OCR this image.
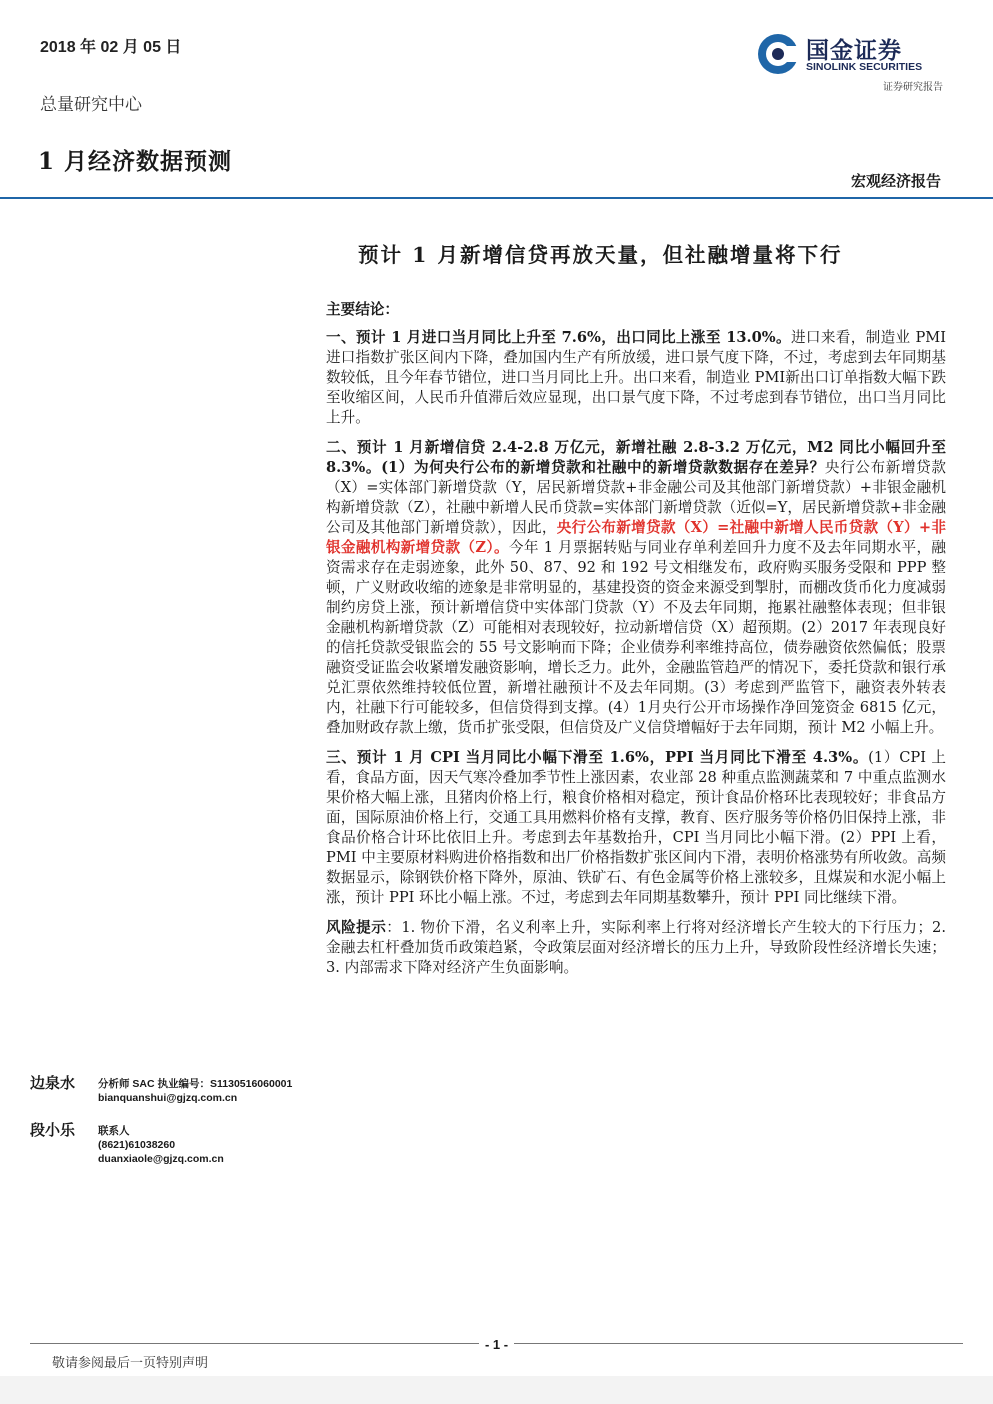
2018 年 02 月 05 日
总量研究中心
1 月经济数据预测
国金证券
SINOLINK SECURITIES
证券研究报告
宏观经济报告
预计 1 月新增信贷再放天量，但社融增量将下行

主要结论：

一、预计 1 月进口当月同比上升至 7.6%，出口同比上涨至 13.0%。进口来看，制造业 PMI 进口指数扩张区间内下降，叠加国内生产有所放缓，进口景气度下降，不过，考虑到去年同期基数较低，且今年春节错位，进口当月同比上升。出口来看，制造业 PMI新出口订单指数大幅下跌至收缩区间，人民币升值滞后效应显现，出口景气度下降，不过考虑到春节错位，出口当月同比上升。

二、预计 1 月新增信贷 2.4-2.8 万亿元，新增社融 2.8-3.2 万亿元，M2 同比小幅回升至 8.3%。(1）为何央行公布的新增贷款和社融中的新增贷款数据存在差异？央行公布新增贷款（X）=实体部门新增贷款（Y，居民新增贷款+非金融公司及其他部门新增贷款）+非银金融机构新增贷款（Z），社融中新增人民币贷款=实体部门新增贷款（近似=Y，居民新增贷款+非金融公司及其他部门新增贷款），因此，央行公布新增贷款（X）=社融中新增人民币贷款（Y）+非银金融机构新增贷款（Z）。今年 1 月票据转贴与同业存单利差回升力度不及去年同期水平，融资需求存在走弱迹象，此外 50、87、92 和 192 号文相继发布，政府购买服务受限和 PPP 整顿，广义财政收缩的迹象是非常明显的，基建投资的资金来源受到掣肘，而棚改货币化力度减弱制约房贷上涨，预计新增信贷中实体部门贷款（Y）不及去年同期，拖累社融整体表现；但非银金融机构新增贷款（Z）可能相对表现较好，拉动新增信贷（X）超预期。(2）2017 年表现良好的信托贷款受银监会的 55 号文影响而下降；企业债券利率维持高位，债券融资依然偏低；股票融资受证监会收紧增发融资影响，增长乏力。此外，金融监管趋严的情况下，委托贷款和银行承兑汇票依然维持较低位置，新增社融预计不及去年同期。(3）考虑到严监管下，融资表外转表内，社融下行可能较多，但信贷得到支撑。(4）1月央行公开市场操作净回笼资金 6815 亿元，叠加财政存款上缴，货币扩张受限，但信贷及广义信贷增幅好于去年同期，预计 M2 小幅上升。

三、预计 1 月 CPI 当月同比小幅下滑至 1.6%，PPI 当月同比下滑至 4.3%。(1）CPI 上看，食品方面，因天气寒冷叠加季节性上涨因素，农业部 28 种重点监测蔬菜和 7 中重点监测水果价格大幅上涨，且猪肉价格上行，粮食价格相对稳定，预计食品价格环比表现较好；非食品方面，国际原油价格上行，交通工具用燃料价格有支撑，教育、医疗服务等价格仍旧保持上涨，非食品价格合计环比依旧上升。考虑到去年基数抬升，CPI 当月同比小幅下滑。(2）PPI 上看，PMI 中主要原材料购进价格指数和出厂价格指数扩张区间内下滑，表明价格涨势有所收敛。高频数据显示，除钢铁价格下降外，原油、铁矿石、有色金属等价格上涨较多，且煤炭和水泥小幅上涨，预计 PPI 环比小幅上涨。不过，考虑到去年同期基数攀升，预计 PPI 同比继续下滑。

风险提示：1. 物价下滑，名义利率上升，实际利率上行将对经济增长产生较大的下行压力；2. 金融去杠杆叠加货币政策趋紧，令政策层面对经济增长的压力上升，导致阶段性经济增长失速；3. 内部需求下降对经济产生负面影响。

边泉水 分析师 SAC 执业编号：S1130516060001
bianquanshui@gjzq.com.cn
段小乐 联系人
(8621)61038260
duanxiaole@gjzq.com.cn
- 1 -
敬请参阅最后一页特别声明
